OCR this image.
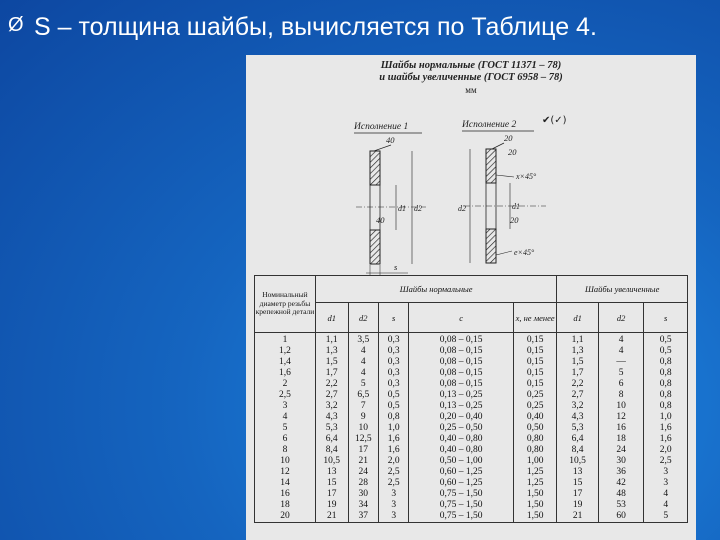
Ø S – толщина шайбы, вычисляется по Таблице 4.
Шайбы нормальные (ГОСТ 11371 – 78)
и шайбы увеличенные (ГОСТ 6958 – 78)
мм
Исполнение 1
40
40
d1 d2
s
Исполнение 2	✔(✓)
20
d2	d1
20
x×45°
20
e×45°
Номинальный диаметр резьбы крепежной детали	Шайбы нормальные					Шайбы увеличенные		
	d1	d2	s	c	x, не менее	d1	d2	s
1	1,1	3,5	0,3	0,08 – 0,15	0,15	1,1	4	0,5
1,2	1,3	4	0,3	0,08 – 0,15	0,15	1,3	4	0,5
1,4	1,5	4	0,3	0,08 – 0,15	0,15	1,5	—	0,8
1,6	1,7	4	0,3	0,08 – 0,15	0,15	1,7	5	0,8
2	2,2	5	0,3	0,08 – 0,15	0,15	2,2	6	0,8
2,5	2,7	6,5	0,5	0,13 – 0,25	0,25	2,7	8	0,8
3	3,2	7	0,5	0,13 – 0,25	0,25	3,2	10	0,8
4	4,3	9	0,8	0,20 – 0,40	0,40	4,3	12	1,0
5	5,3	10	1,0	0,25 – 0,50	0,50	5,3	16	1,6
6	6,4	12,5	1,6	0,40 – 0,80	0,80	6,4	18	1,6
8	8,4	17	1,6	0,40 – 0,80	0,80	8,4	24	2,0
10	10,5	21	2,0	0,50 – 1,00	1,00	10,5	30	2,5
12	13	24	2,5	0,60 – 1,25	1,25	13	36	3
14	15	28	2,5	0,60 – 1,25	1,25	15	42	3
16	17	30	3	0,75 – 1,50	1,50	17	48	4
18	19	34	3	0,75 – 1,50	1,50	19	53	4
20	21	37	3	0,75 – 1,50	1,50	21	60	5
